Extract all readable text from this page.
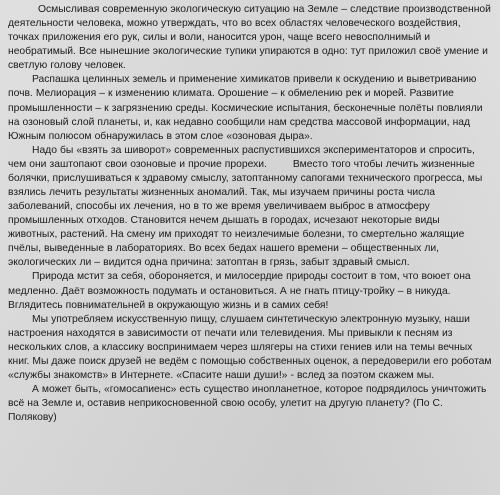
Осмысливая современную экологическую ситуацию на Земле – следствие производственной деятельности человека, можно утверждать, что во всех областях человеческого воздействия, точках приложения его рук, силы и воли, наносится урон, чаще всего невосполнимый и необратимый. Все нынешние экологические тупики упираются в одно: тут приложил своё умение и светлую голову человек.

Распашка целинных земель и применение химикатов привели к оскудению и выветриванию почв. Мелиорация – к изменению климата. Орошение – к обмелению рек и морей. Развитие промышленности – к загрязнению среды. Космические испытания, бесконечные полёты повлияли на озоновый слой планеты, и, как недавно сообщили нам средства массовой информации, над Южным полюсом обнаружилась в этом слое «озоновая дыра».

Надо бы «взять за шиворот» современных распустившихся экспериментаторов и спросить, чем они заштопают свои озоновые и прочие прорехи.	Вместо того чтобы лечить жизненные болячки, прислушиваться к здравому смыслу, затоптанному сапогами технического прогресса, мы взялись лечить результаты жизненных аномалий. Так, мы изучаем причины роста числа заболеваний, способы их лечения, но в то же время увеличиваем выброс в атмосферу промышленных отходов. Становится нечем дышать в городах, исчезают некоторые виды животных, растений. На смену им приходят то неизлечимые болезни, то смертельно жалящие пчёлы, выведенные в лабораториях. Во всех бедах нашего времени – общественных ли, экологических ли – видится одна причина: затоптан в грязь, забыт здравый смысл.

Природа мстит за себя, обороняется, и милосердие природы состоит в том, что воюет она медленно. Даёт возможность подумать и остановиться. А не гнать птицу-тройку – в никуда. Вглядитесь повнимательней в окружающую жизнь и в самих себя!

Мы употребляем искусственную пищу, слушаем синтетическую электронную музыку, наши настроения находятся в зависимости от печати или телевидения. Мы привыкли к песням из нескольких слов, а классику воспринимаем через шлягеры на стихи гениев или на темы вечных книг. Мы даже поиск друзей не ведём с помощью собственных оценок, а передоверили его роботам «службы знакомств» в Интернете. «Спасите наши души!» - вслед за поэтом скажем мы.

А может быть, «гомосапиенс» есть существо инопланетное, которое подрядилось уничтожить всё на Земле и, оставив неприкосновенной свою особу, улетит на другую планету? (По С. Полякову)
